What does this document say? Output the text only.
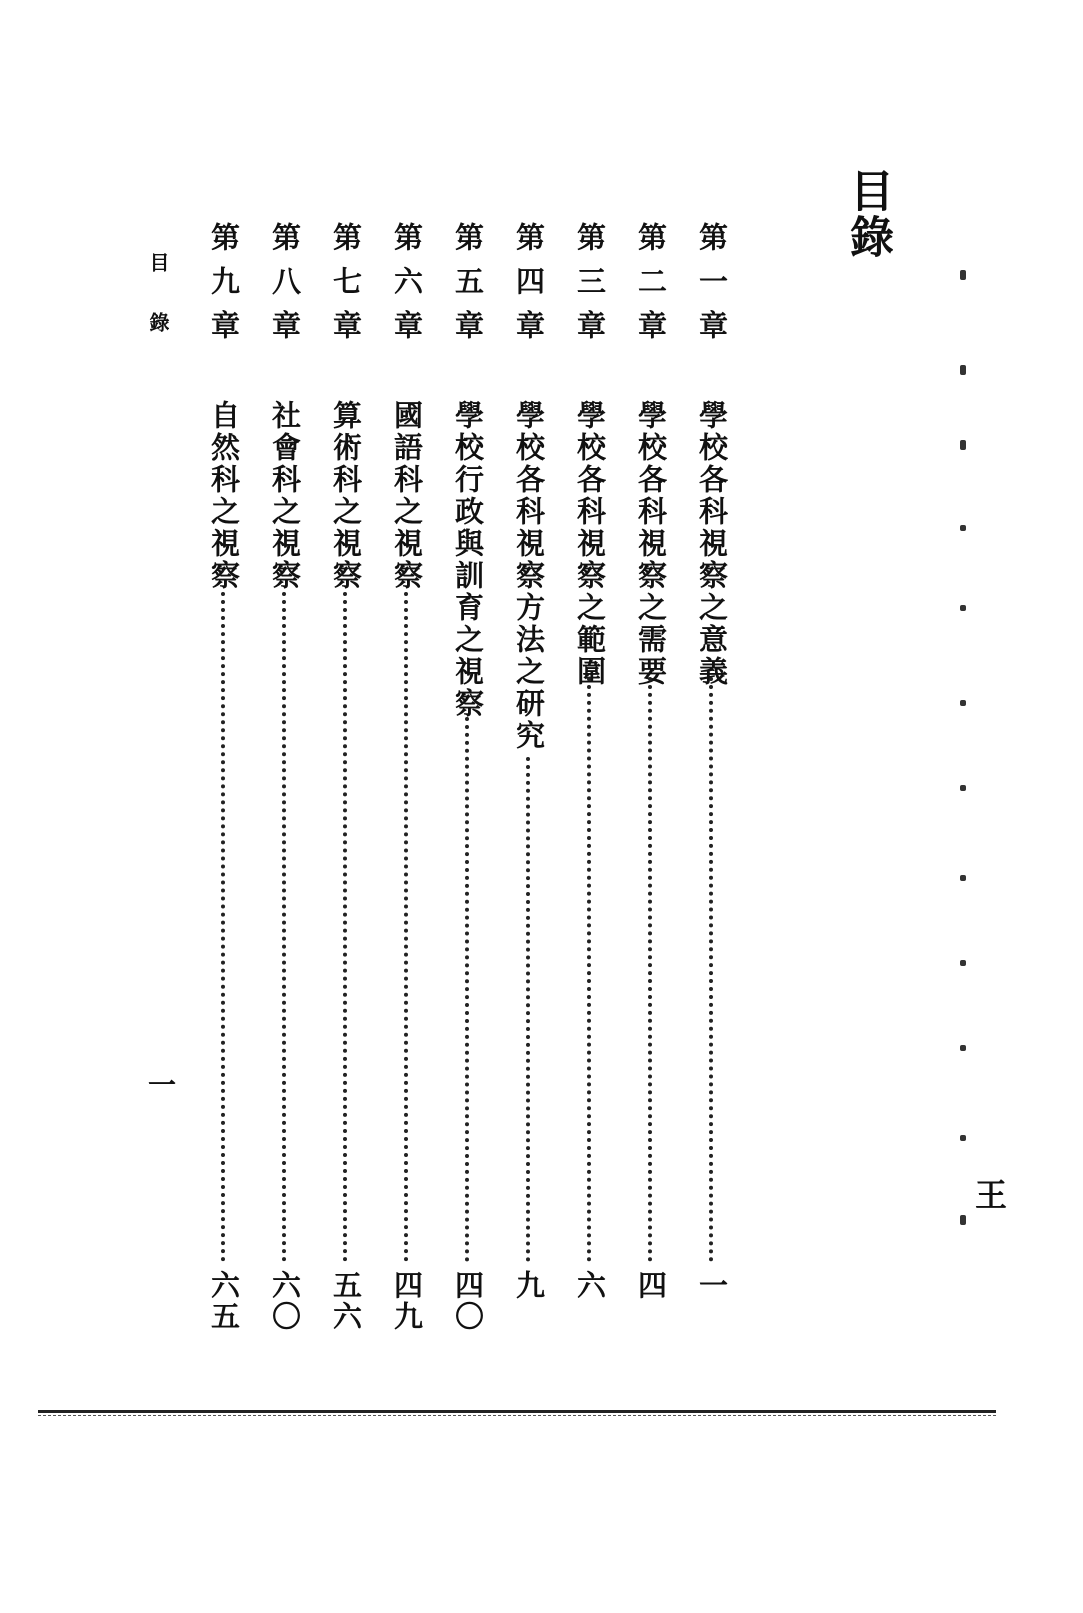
目錄
第一章
學校各科視察之意義
一
第二章
學校各科視察之需要
四
第三章
學校各科視察之範圍
六
第四章
學校各科視察方法之研究
九
第五章
學校行政與訓育之視察
四〇
第六章
國語科之視察
四九
第七章
算術科之視察
五六
第八章
社會科之視察
六〇
第九章
自然科之視察
六五
目錄
一
王
